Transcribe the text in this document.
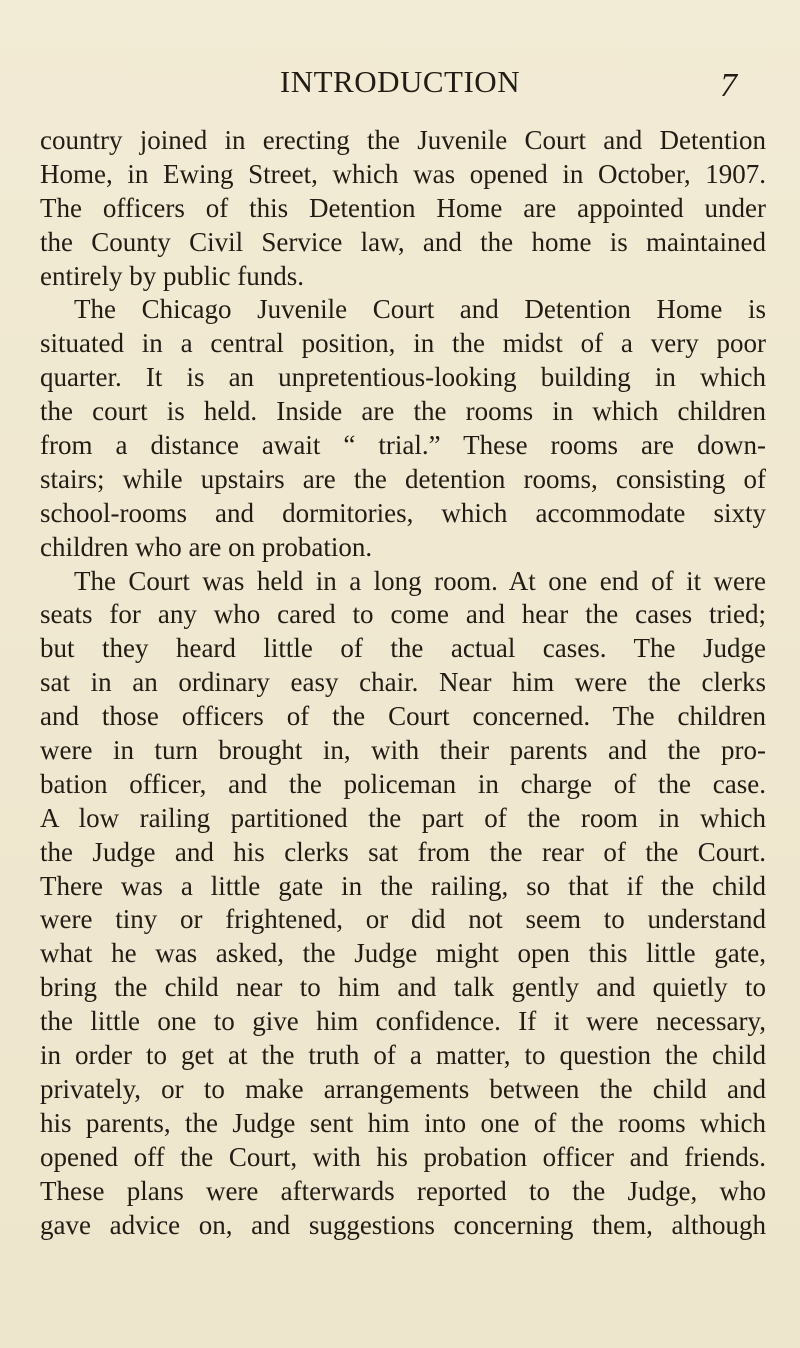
INTRODUCTION	7
country joined in erecting the Juvenile Court and Detention
Home, in Ewing Street, which was opened in October, 1907.
The officers of this Detention Home are appointed under
the County Civil Service law, and the home is maintained
entirely by public funds.
The Chicago Juvenile Court and Detention Home is
situated in a central position, in the midst of a very poor
quarter. It is an unpretentious-looking building in which
the court is held. Inside are the rooms in which children
from a distance await “ trial.” These rooms are down-
stairs; while upstairs are the detention rooms, consisting of
school-rooms and dormitories, which accommodate sixty
children who are on probation.
The Court was held in a long room. At one end of it were
seats for any who cared to come and hear the cases tried;
but they heard little of the actual cases. The Judge
sat in an ordinary easy chair. Near him were the clerks
and those officers of the Court concerned. The children
were in turn brought in, with their parents and the pro-
bation officer, and the policeman in charge of the case.
A low railing partitioned the part of the room in which
the Judge and his clerks sat from the rear of the Court.
There was a little gate in the railing, so that if the child
were tiny or frightened, or did not seem to understand
what he was asked, the Judge might open this little gate,
bring the child near to him and talk gently and quietly to
the little one to give him confidence. If it were necessary,
in order to get at the truth of a matter, to question the child
privately, or to make arrangements between the child and
his parents, the Judge sent him into one of the rooms which
opened off the Court, with his probation officer and friends.
These plans were afterwards reported to the Judge, who
gave advice on, and suggestions concerning them, although
